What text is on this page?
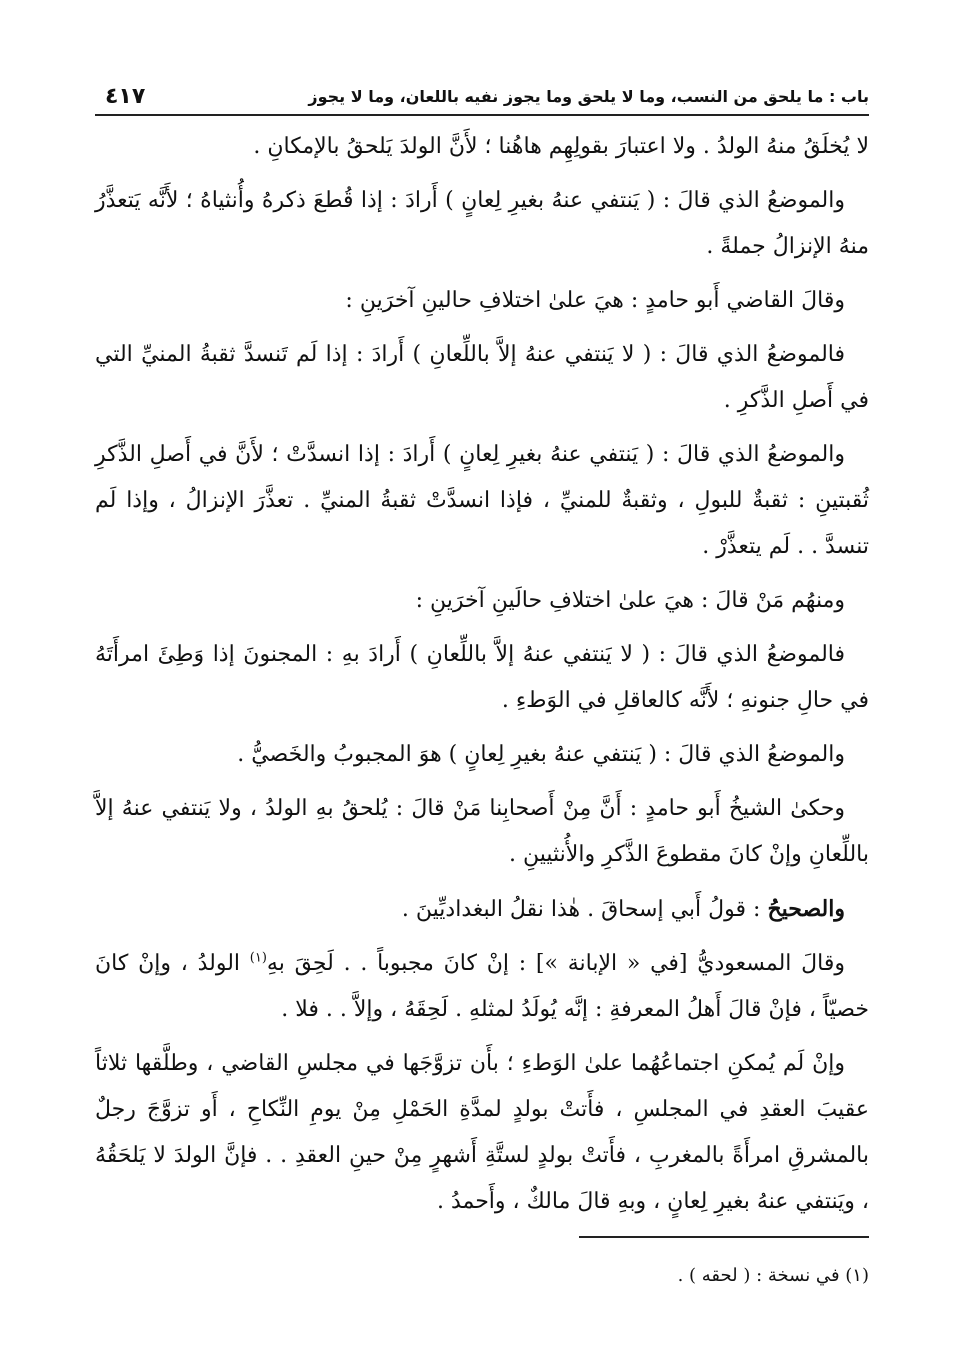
باب : ما يلحق من النسب، وما لا يلحق وما يجوز نفيه باللعان، وما لا يجوز
٤١٧

لا يُخلَقُ منهُ الولدُ . ولا اعتبارَ بقولِهِم هاهُنا ؛ لأَنَّ الولدَ يَلحقُ بالإمكانِ .

والموضعُ الذي قالَ : ( يَنتفي عنهُ بغيرِ لِعانٍ ) أَرادَ : إذا قُطعَ ذكرهُ وأُنثياهُ ؛ لأَنَّه يَتعذَّرُ منهُ الإنزالُ جملةً .

وقالَ القاضي أَبو حامدٍ : هيَ علىٰ اختلافِ حالينِ آخرَينِ :

فالموضعُ الذي قالَ : ( لا يَنتفي عنهُ إلاَّ باللِّعانِ ) أَرادَ : إذا لَم تَنسدَّ ثقبةُ المنيِّ التي في أَصلِ الذَّكرِ .

والموضعُ الذي قالَ : ( يَنتفي عنهُ بغيرِ لِعانٍ ) أَرادَ : إذا انسدَّتْ ؛ لأَنَّ في أَصلِ الذَّكرِ ثُقبتينِ : ثقبةٌ للبولِ ، وثقبةٌ للمنيِّ ، فإذا انسدَّتْ ثقبةُ المنيِّ . تعذَّرَ الإنزالُ ، وإذا لَم تنسدَّ . . لَم يتعذَّرْ .

ومنهُم مَنْ قالَ : هيَ علىٰ اختلافِ حالَينِ آخرَينِ :

فالموضعُ الذي قالَ : ( لا يَنتفي عنهُ إلاَّ باللِّعانِ ) أَرادَ بهِ : المجنونَ إذا وَطِئَ امرأَتَهُ في حالِ جنونهِ ؛ لأَنَّه كالعاقلِ في الوَطءِ .

والموضعُ الذي قالَ : ( يَنتفي عنهُ بغيرِ لِعانٍ ) هوَ المجبوبُ والخَصيُّ .

وحكىٰ الشيخُ أَبو حامدٍ : أَنَّ مِنْ أَصحابِنا مَنْ قالَ : يُلحقُ بهِ الولدُ ، ولا يَنتفي عنهُ إلاَّ باللِّعانِ وإنْ كانَ مقطوعَ الذَّكرِ والأُنثيينِ .

والصحيحُ : قولُ أَبي إسحاقَ . هٰذا نقلُ البغداديِّينَ .

وقالَ المسعوديُّ [في « الإبانة »] : إنْ كانَ مجبوباً . . لَحِقَ بهِ$^{(١)}$ الولدُ ، وإنْ كانَ خصيّاً ، فإنْ قالَ أَهلُ المعرفةِ : إنَّه يُولَدُ لمثلهِ . لَحِقَهُ ، وإلاَّ . . فلا .

وإنْ لَم يُمكنِ اجتماعُهُما علىٰ الوَطءِ ؛ بأَن تزوَّجَها في مجلسِ القاضي ، وطلَّقها ثلاثاً عقيبَ العقدِ في المجلسِ ، فأَتتْ بولدٍ لمدَّةِ الحَمْلِ مِنْ يومِ النِّكاحِ ، أَو تزوَّجَ رجلٌ بالمشرقِ امرأَةً بالمغربِ ، فأَتتْ بولدٍ لستَّةِ أَشهرٍ مِنْ حينِ العقدِ . . فإنَّ الولدَ لا يَلحَقُهُ ، ويَنتفي عنهُ بغيرِ لِعانٍ ، وبهِ قالَ مالكٌ ، وأَحمدُ .

(١) في نسخة : ( لحقه ) .
